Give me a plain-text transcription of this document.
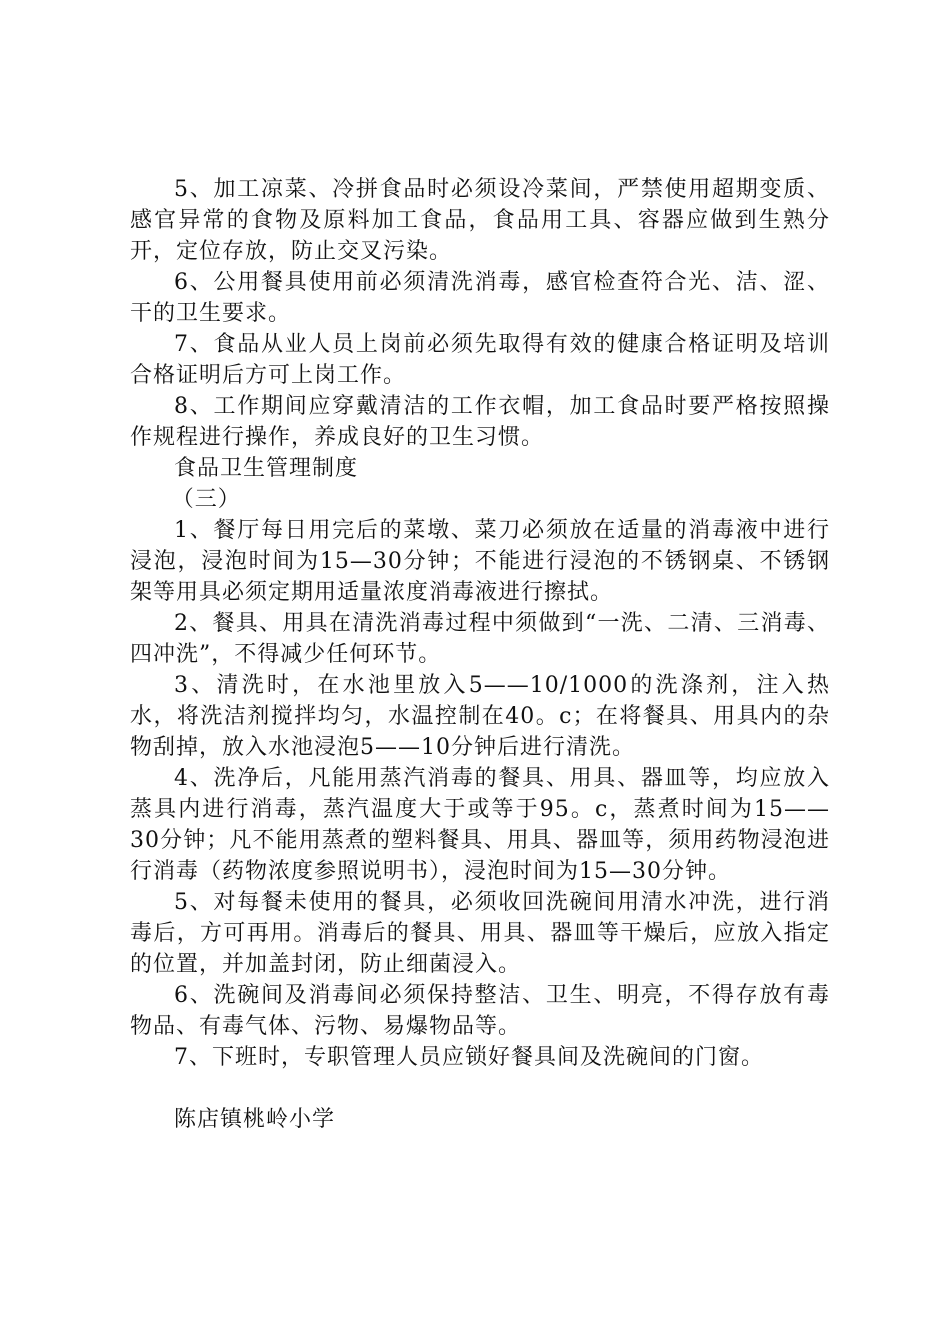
5、加工凉菜、冷拼食品时必须设冷菜间，严禁使用超期变质、感官异常的食物及原料加工食品，食品用工具、容器应做到生熟分开，定位存放，防止交叉污染。

6、公用餐具使用前必须清洗消毒，感官检查符合光、洁、涩、干的卫生要求。

7、食品从业人员上岗前必须先取得有效的健康合格证明及培训合格证明后方可上岗工作。

8、工作期间应穿戴清洁的工作衣帽，加工食品时要严格按照操作规程进行操作，养成良好的卫生习惯。

食品卫生管理制度

（三）

1、餐厅每日用完后的菜墩、菜刀必须放在适量的消毒液中进行浸泡，浸泡时间为15—30分钟；不能进行浸泡的不锈钢桌、不锈钢架等用具必须定期用适量浓度消毒液进行擦拭。

2、餐具、用具在清洗消毒过程中须做到“一洗、二清、三消毒、四冲洗”，不得减少任何环节。

3、清洗时，在水池里放入5——10/1000的洗涤剂，注入热水，将洗洁剂搅拌均匀，水温控制在40。c；在将餐具、用具内的杂物刮掉，放入水池浸泡5——10分钟后进行清洗。

4、洗净后，凡能用蒸汽消毒的餐具、用具、器皿等，均应放入蒸具内进行消毒，蒸汽温度大于或等于95。c，蒸煮时间为15——30分钟；凡不能用蒸煮的塑料餐具、用具、器皿等，须用药物浸泡进行消毒（药物浓度参照说明书），浸泡时间为15—30分钟。

5、对每餐未使用的餐具，必须收回洗碗间用清水冲洗，进行消毒后，方可再用。消毒后的餐具、用具、器皿等干燥后，应放入指定的位置，并加盖封闭，防止细菌浸入。

6、洗碗间及消毒间必须保持整洁、卫生、明亮，不得存放有毒物品、有毒气体、污物、易爆物品等。

7、下班时，专职管理人员应锁好餐具间及洗碗间的门窗。

陈店镇桃岭小学
